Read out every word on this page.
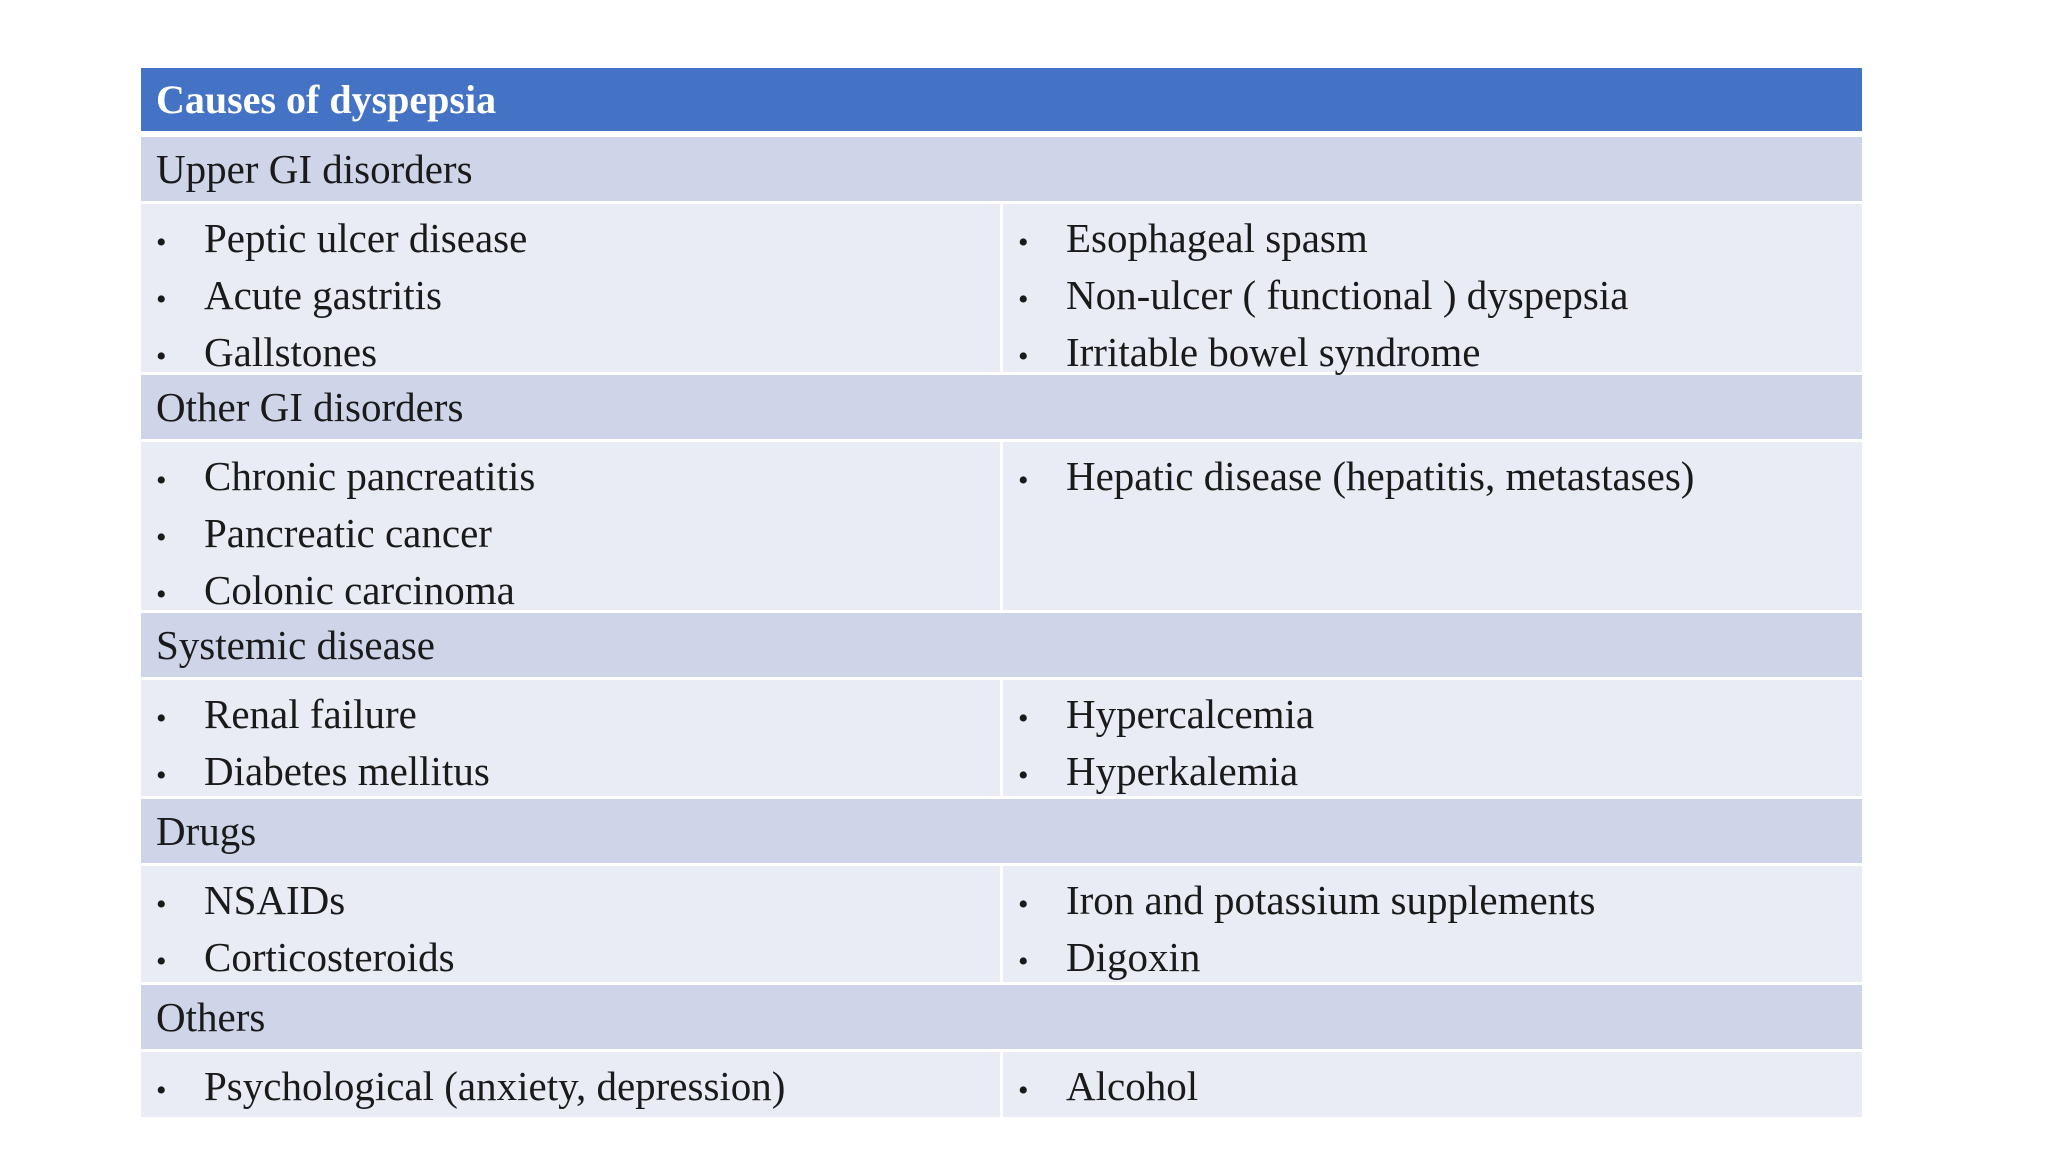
Causes of dyspepsia
Upper GI disorders
• Peptic ulcer disease
• Acute gastritis
• Gallstones
• Esophageal spasm
• Non-ulcer ( functional ) dyspepsia
• Irritable bowel syndrome
Other GI disorders
• Chronic pancreatitis
• Pancreatic cancer
• Colonic carcinoma
• Hepatic disease (hepatitis, metastases)
Systemic disease
• Renal failure
• Diabetes mellitus
• Hypercalcemia
• Hyperkalemia
Drugs
• NSAIDs
• Corticosteroids
• Iron and potassium supplements
• Digoxin
Others
• Psychological (anxiety, depression)	• Alcohol
